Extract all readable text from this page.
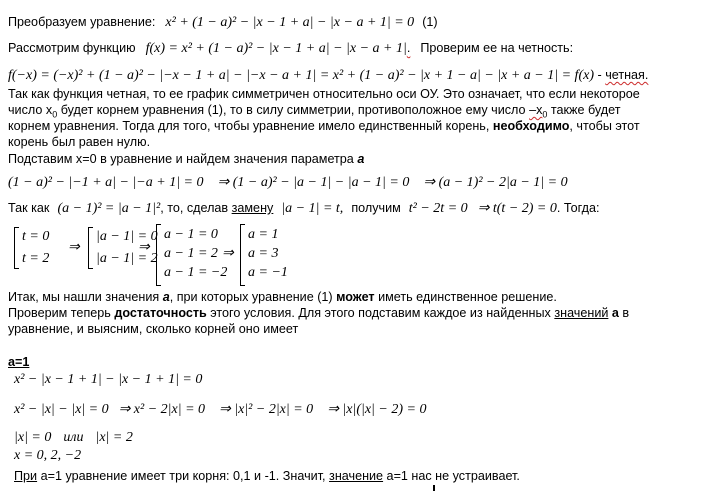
Преобразуем уравнение: x² + (1 − a)² − |x − 1 + a| − |x − a + 1| = 0 (1)
Рассмотрим функцию f(x) = x² + (1 − a)² − |x − 1 + a| − |x − a + 1|. Проверим ее на четность:
f(−x) = (−x)² + (1 − a)² − |−x − 1 + a| − |−x − a + 1| = x² + (1 − a)² − |x + 1 − a| − |x + a − 1| = f(x) - четная.
Так как функция четная, то ее график симметричен относительно оси ОУ. Это означает, что если некоторое
число $x_0$ будет корнем уравнения (1), то в силу симметрии, противоположное ему число $-x_0$ также будет
корнем уравнения. Тогда для того, чтобы уравнение имело единственный корень, необходимо, чтобы этот
корень был равен нулю.
Подставим x=0 в уравнение и найдем значения параметра a
(1 − a)² − |−1 + a| − |−a + 1| = 0 ⇒ (1 − a)² − |a − 1| − |a − 1| = 0 ⇒ (a − 1)² − 2|a − 1| = 0
Так как (a − 1)² = |a − 1|², то, сделав замену |a − 1| = t, получим t² − 2t = 0 ⇒ t(t − 2) = 0. Тогда:
t = 0
t = 2
⇒
|a − 1| = 0
|a − 1| = 2
⇒
a − 1 = 0
a − 1 = 2
a − 1 = −2
⇒
a = 1
a = 3
a = −1
Итак, мы нашли значения a, при которых уравнение (1) может иметь единственное решение.
Проверим теперь достаточность этого условия. Для этого подставим каждое из найденных значений a в
уравнение, и выясним, сколько корней оно имеет
a=1
x² − |x − 1 + 1| − |x − 1 + 1| = 0
x² − |x| − |x| = 0 ⇒ x² − 2|x| = 0 ⇒ |x|² − 2|x| = 0 ⇒ |x|(|x| − 2) = 0
|x| = 0 или |x| = 2
x = 0, 2, −2
При a=1 уравнение имеет три корня: 0,1 и -1. Значит, значение a=1 нас не устраивает.
